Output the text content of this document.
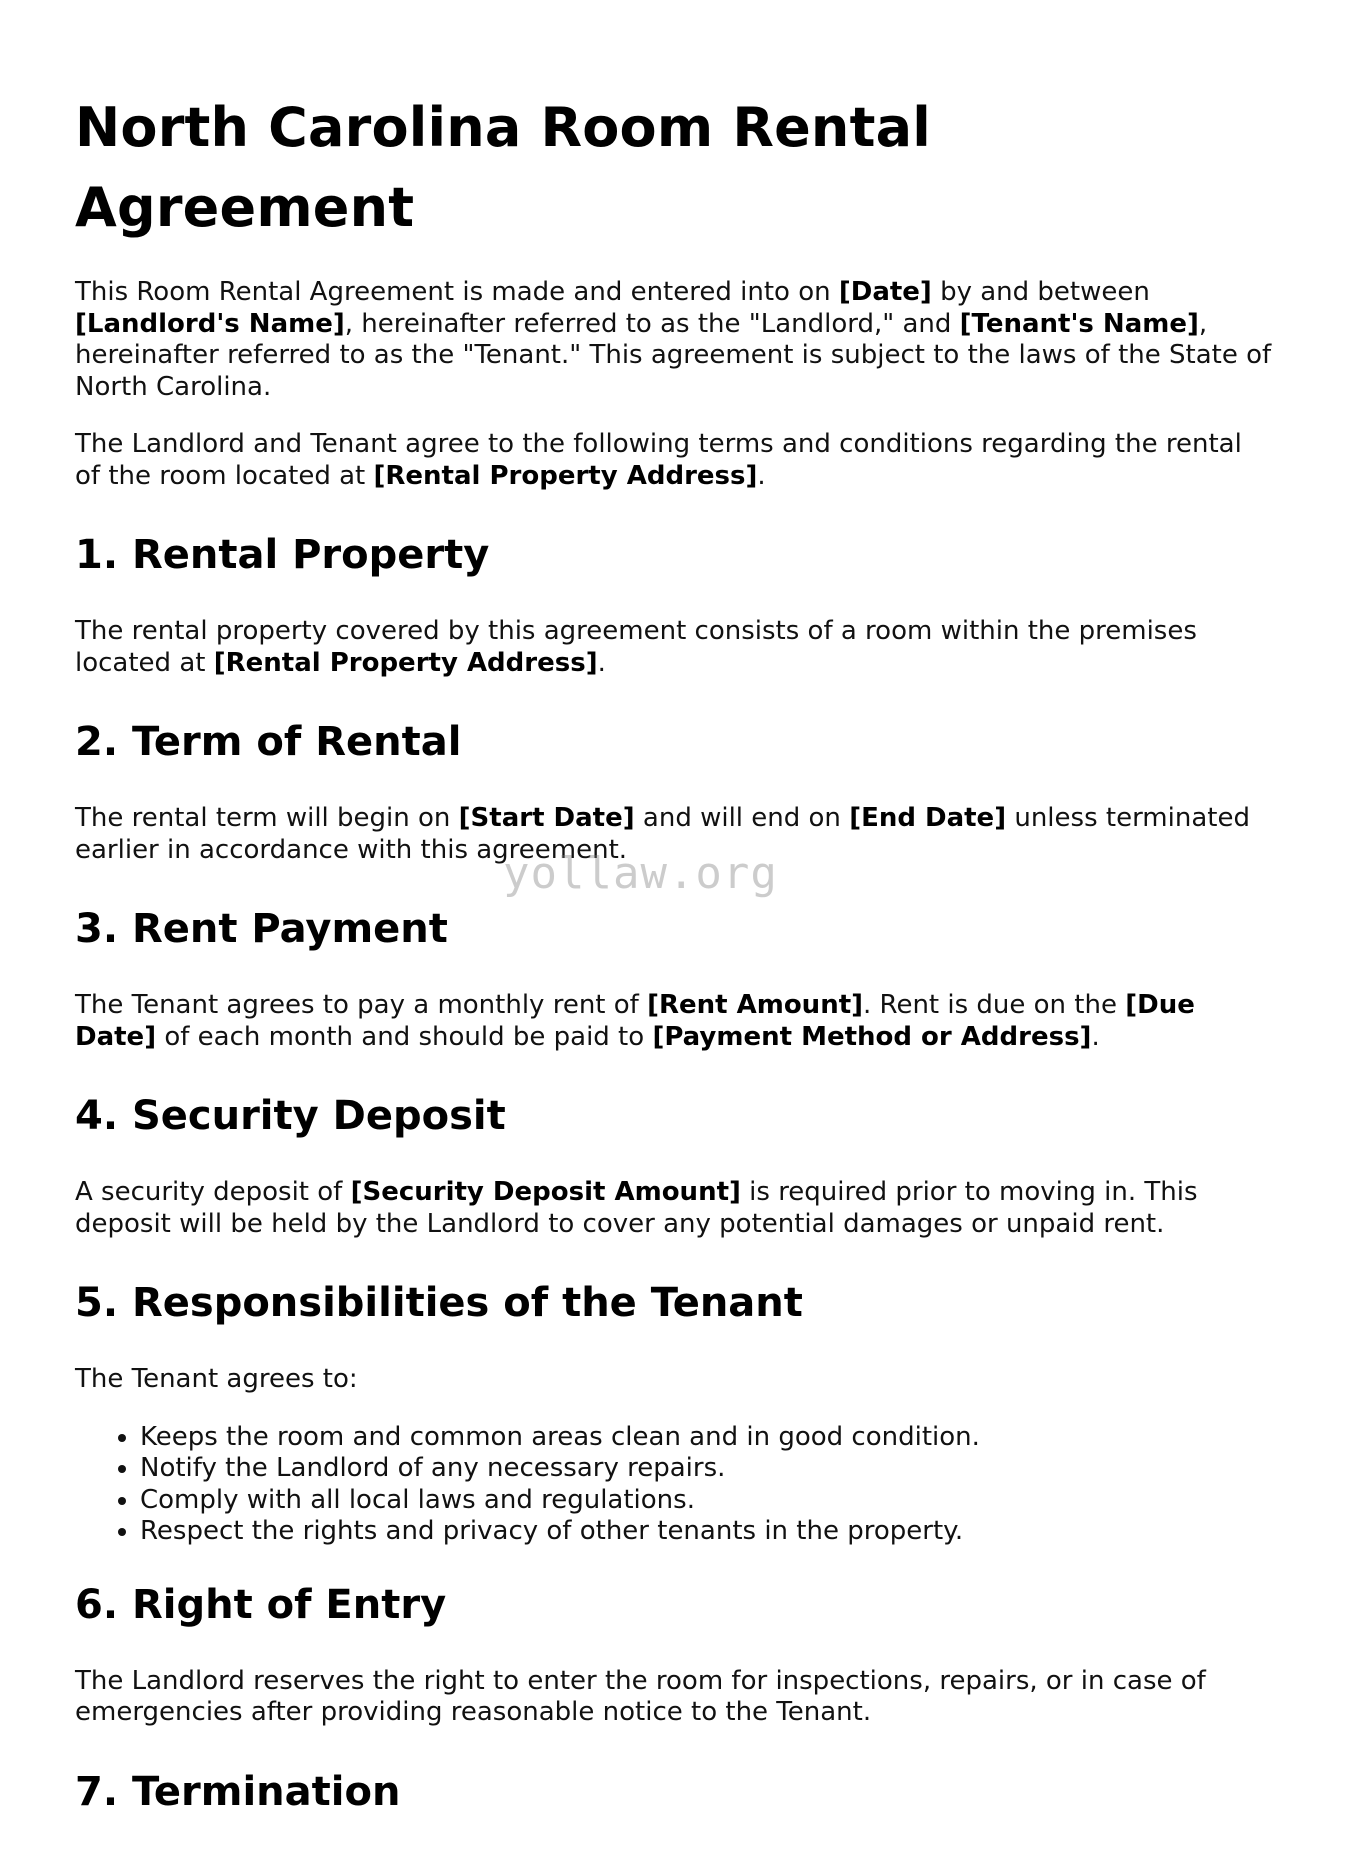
North Carolina Room Rental Agreement

This Room Rental Agreement is made and entered into on [Date] by and between [Landlord's Name], hereinafter referred to as the "Landlord," and [Tenant's Name], hereinafter referred to as the "Tenant." This agreement is subject to the laws of the State of North Carolina.

The Landlord and Tenant agree to the following terms and conditions regarding the rental of the room located at [Rental Property Address].

1. Rental Property

The rental property covered by this agreement consists of a room within the premises located at [Rental Property Address].

2. Term of Rental

The rental term will begin on [Start Date] and will end on [End Date] unless terminated earlier in accordance with this agreement.

3. Rent Payment

The Tenant agrees to pay a monthly rent of [Rent Amount]. Rent is due on the [Due Date] of each month and should be paid to [Payment Method or Address].

4. Security Deposit

A security deposit of [Security Deposit Amount] is required prior to moving in. This deposit will be held by the Landlord to cover any potential damages or unpaid rent.

5. Responsibilities of the Tenant

The Tenant agrees to:

• Keeps the room and common areas clean and in good condition.
• Notify the Landlord of any necessary repairs.
• Comply with all local laws and regulations.
• Respect the rights and privacy of other tenants in the property.
6. Right of Entry

The Landlord reserves the right to enter the room for inspections, repairs, or in case of emergencies after providing reasonable notice to the Tenant.

7. Termination
yollaw.org
